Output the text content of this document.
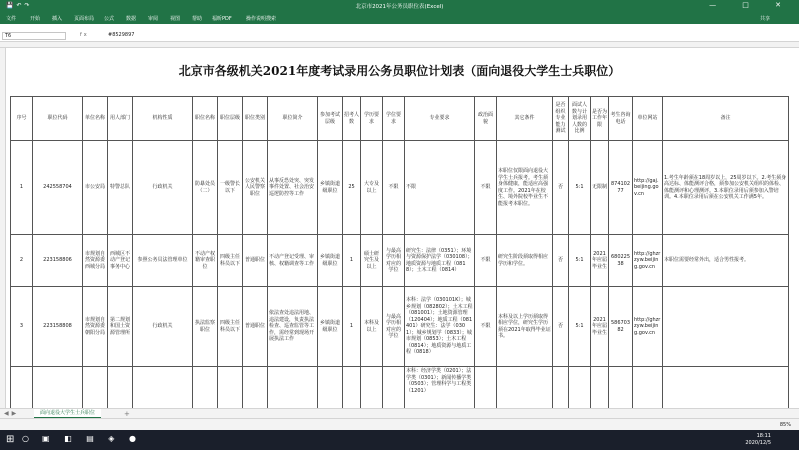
💾↶↷	北京市2021年公务员职位表(Excel)	— □ ✕
文件	开始 插入 页面布局 公式 数据 审阅 视图 帮助 福昕PDF	操作说明搜索	共享
T6	fx	#8529897
北京市各级机关2021年度考试录用公务员职位计划表（面向退役大学生士兵职位）
序号	职位代码	单位名称	用人部门	机构性质	职位名称	职位层级	职位类别	职位简介	参加考试层级	招考人数	学历要求	学位要求	专业要求	政治面貌	其它条件	是否组织专业能力测试	面试人数与计划录用人数的比例	是否为工作年限	考生咨询电话	单位网站	备注
1	242558704	市公安局	特警总队	行政机关	防暴处员（二）	一级警长以下	公安机关人民警察职位	从事反恐处突、突发事件处置、社会治安巡逻防控等工作	乡镇街道级职位	25	大专及以上	不限	不限	不限	本职位仅限面向退役大学生士兵报考。考生须身体健康，能适应高强度工作。2021年在校生、境外院校毕业生不能报考本职位。	否	5:1	无限制	87410277	http://gaj.beijing.gov.cn	1.考生年龄须在18周岁以上，25周岁以下。2.考生须身高达标、体能测评合格，须参加公安机关组织的体检、体能测评和心理测评。3.本职位录用后须参加入警培训。4.本职位录用后须在公安机关工作满5年。
2	223158806	市规划自然资源委西城分局	西城区不动产登记事务中心	参照公务员法管理单位	不动产权籍审查职位	四级主任科员以下	普通职位	不动产登记受理、审核、权籍调查等工作	乡镇街道级职位	1	硕士研究生及以上	与最高学历相对应的学位	研究生：法律（0351）；环境与资源保护法学（030108）；地质资源与地质工程（0818）；土木工程（0814）	不限	研究生阶段须取得相应学历和学位。	否	5:1	2021年应届毕业生	68022538	http://ghzrzyw.beijing.gov.cn	本职位需要经常外出，适合男性报考。
3	223158808	市规划自然资源委朝阳分局	第二规划和国土资源管理所	行政机关	执法监察职位	四级主任科员以下	普通职位	依法查处违法用地、违法建设，负责执法检查、巡查监管等工作，需经常到现场开展执法工作	乡镇街道级职位	1	本科及以上	与最高学历相对应的学位	本科：法学（030101K）；城乡规划（082802）；土木工程（081001）；土地资源管理（120404）；地质工程（081401）研究生：法学（0301）；城乡规划学（0833）；城市规划（0853）；土木工程（0814）；地质资源与地质工程（0818）	不限	本科及以上学历须取得相应学位，研究生学历须在2021年取得毕业证书。	否	5:1	2021年应届毕业生	58670382	http://ghzrzyw.beijing.gov.cn	
													本科：经济学类（0201）；法学类（0301）；新闻传播学类（0503）；管理科学与工程类（1201）								
◀▶	面向退役大学生士兵职位	+
85%
⊞ ○ ▣ ◧ ▤ ◈ ●	18:11
2020/12/5
